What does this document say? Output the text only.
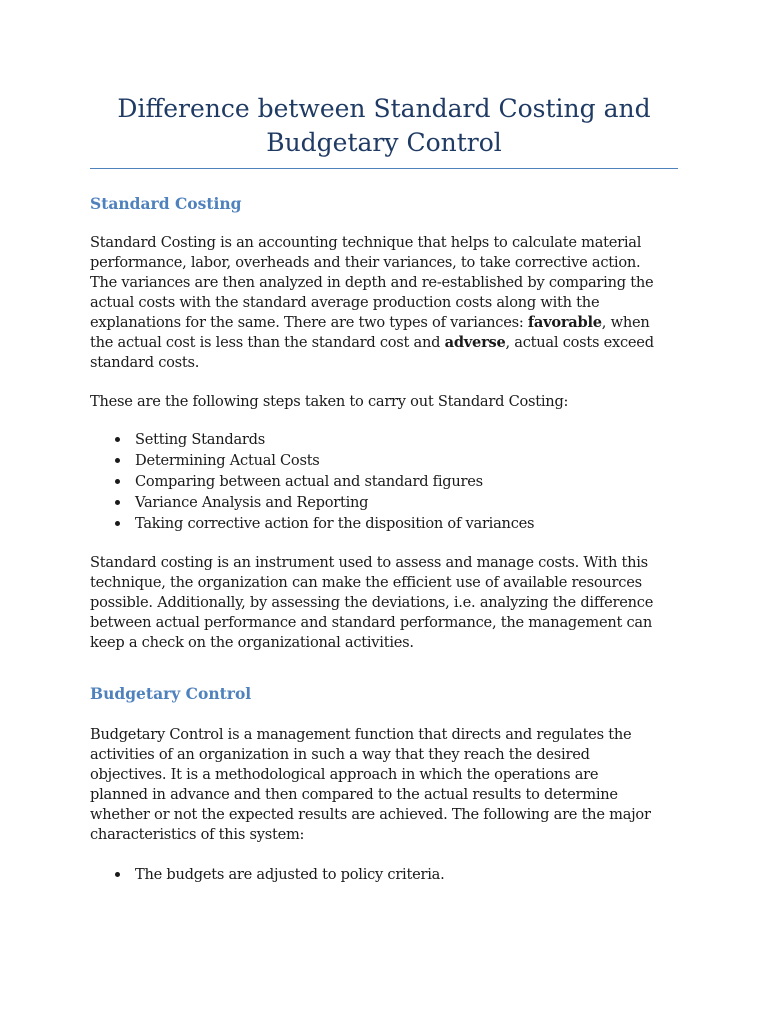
Difference between Standard Costing and
Budgetary Control
Standard Costing

Standard Costing is an accounting technique that helps to calculate material
performance, labor, overheads and their variances, to take corrective action.
The variances are then analyzed in depth and re-established by comparing the
actual costs with the standard average production costs along with the
explanations for the same. There are two types of variances: favorable, when
the actual cost is less than the standard cost and adverse, actual costs exceed
standard costs.

These are the following steps taken to carry out Standard Costing:

Setting Standards
Determining Actual Costs
Comparing between actual and standard figures
Variance Analysis and Reporting
Taking corrective action for the disposition of variances

Standard costing is an instrument used to assess and manage costs. With this
technique, the organization can make the efficient use of available resources
possible. Additionally, by assessing the deviations, i.e. analyzing the difference
between actual performance and standard performance, the management can
keep a check on the organizational activities.

Budgetary Control

Budgetary Control is a management function that directs and regulates the
activities of an organization in such a way that they reach the desired
objectives. It is a methodological approach in which the operations are
planned in advance and then compared to the actual results to determine
whether or not the expected results are achieved. The following are the major
characteristics of this system:

The budgets are adjusted to policy criteria.
